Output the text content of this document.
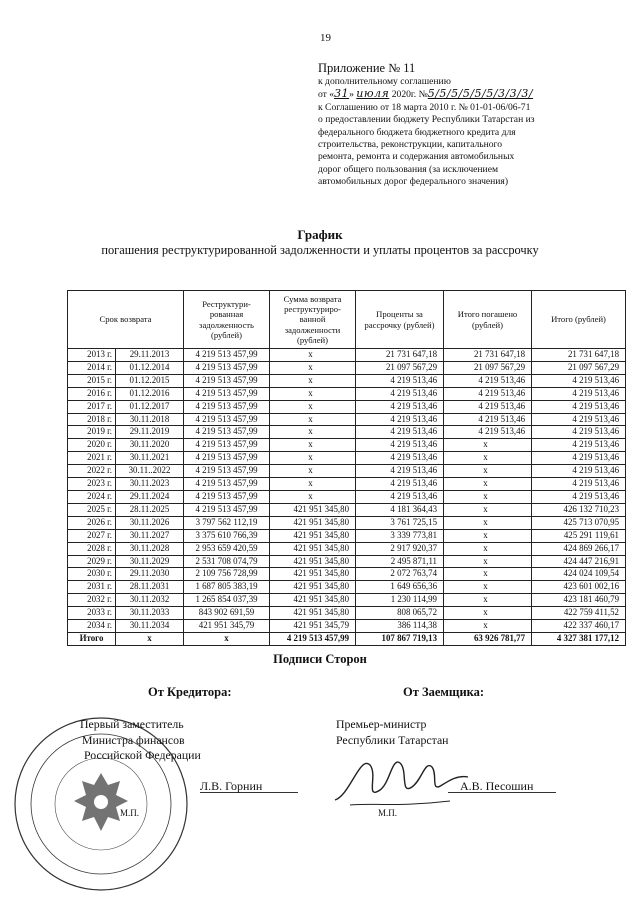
19
Приложение № 11
к дополнительному соглашению
от «31» июля 2020г. №5/5/5/5/5/5/3/3/3/
к Соглашению от 18 марта 2010 г. № 01-01-06/06-71
о предоставлении бюджету Республики Татарстан из
федерального бюджета бюджетного кредита для
строительства, реконструкции, капитального
ремонта, ремонта и содержания автомобильных
дорог общего пользования (за исключением
автомобильных дорог федерального значения)
График
погашения реструктурированной задолженности и уплаты процентов за рассрочку
Срок возврата		Реструктури-рованная задолженность (рублей)	Сумма возврата реструктуриро-ванной задолженности (рублей)	Проценты за рассрочку (рублей)	Итого погашено (рублей)	Итого (рублей)
2013 г.	29.11.2013	4 219 513 457,99	х	21 731 647,18	21 731 647,18	21 731 647,18
2014 г.	01.12.2014	4 219 513 457,99	х	21 097 567,29	21 097 567,29	21 097 567,29
2015 г.	01.12.2015	4 219 513 457,99	х	4 219 513,46	4 219 513,46	4 219 513,46
2016 г.	01.12.2016	4 219 513 457,99	х	4 219 513,46	4 219 513,46	4 219 513,46
2017 г.	01.12.2017	4 219 513 457,99	х	4 219 513,46	4 219 513,46	4 219 513,46
2018 г.	30.11.2018	4 219 513 457,99	х	4 219 513,46	4 219 513,46	4 219 513,46
2019 г.	29.11.2019	4 219 513 457,99	х	4 219 513,46	4 219 513,46	4 219 513,46
2020 г.	30.11.2020	4 219 513 457,99	х	4 219 513,46	х	4 219 513,46
2021 г.	30.11.2021	4 219 513 457,99	х	4 219 513,46	х	4 219 513,46
2022 г.	30.11..2022	4 219 513 457,99	х	4 219 513,46	х	4 219 513,46
2023 г.	30.11.2023	4 219 513 457,99	х	4 219 513,46	х	4 219 513,46
2024 г.	29.11.2024	4 219 513 457,99	х	4 219 513,46	х	4 219 513,46
2025 г.	28.11.2025	4 219 513 457,99	421 951 345,80	4 181 364,43	х	426 132 710,23
2026 г.	30.11.2026	3 797 562 112,19	421 951 345,80	3 761 725,15	х	425 713 070,95
2027 г.	30.11.2027	3 375 610 766,39	421 951 345,80	3 339 773,81	х	425 291 119,61
2028 г.	30.11.2028	2 953 659 420,59	421 951 345,80	2 917 920,37	х	424 869 266,17
2029 г.	30.11.2029	2 531 708 074,79	421 951 345,80	2 495 871,11	х	424 447 216,91
2030 г.	29.11.2030	2 109 756 728,99	421 951 345,80	2 072 763,74	х	424 024 109,54
2031 г.	28.11.2031	1 687 805 383,19	421 951 345,80	1 649 656,36	х	423 601 002,16
2032 г.	30.11.2032	1 265 854 037,39	421 951 345,80	1 230 114,99	х	423 181 460,79
2033 г.	30.11.2033	843 902 691,59	421 951 345,80	808 065,72	х	422 759 411,52
2034 г.	30.11.2034	421 951 345,79	421 951 345,79	386 114,38	х	422 337 460,17
Итого	х	х	4 219 513 457,99	107 867 719,13	63 926 781,77	4 327 381 177,12
Подписи Сторон
От Кредитора:	От Заемщика:
Первый заместитель
Министра финансов
Российской Федерации
Л.В. Горнин
М.П.
Премьер-министр
Республики Татарстан
А.В. Песошин
М.П.
